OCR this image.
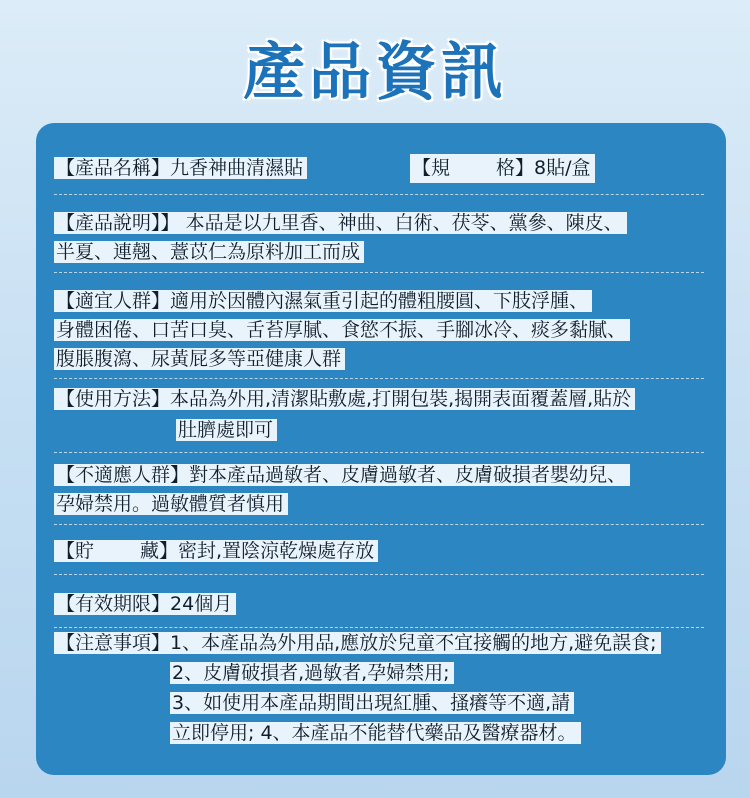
產品資訊
【產品名稱】九香神曲清濕貼	【規 格】8貼/盒
【產品說明】】 本品是以九里香、神曲、白術、茯苓、黨參、陳皮、
半夏、連翹、薏苡仁為原料加工而成
【適宜人群】適用於因體內濕氣重引起的體粗腰圓、下肢浮腫、
身體困倦、口苦口臭、舌苔厚膩、食慾不振、手腳冰冷、痰多黏膩、
腹脹腹瀉、尿黃屁多等亞健康人群
【使用方法】本品為外用,清潔貼敷處,打開包裝,揭開表面覆蓋層,貼於
肚臍處即可
【不適應人群】對本產品過敏者、皮膚過敏者、皮膚破損者嬰幼兒、
孕婦禁用。過敏體質者慎用
【貯 藏】密封,置陰涼乾燥處存放
【有效期限】24個月
【注意事項】1、本產品為外用品,應放於兒童不宜接觸的地方,避免誤食;
2、皮膚破損者,過敏者,孕婦禁用;
3、如使用本產品期間出現紅腫、搔癢等不適,請
立即停用; 4、本產品不能替代藥品及醫療器材。
